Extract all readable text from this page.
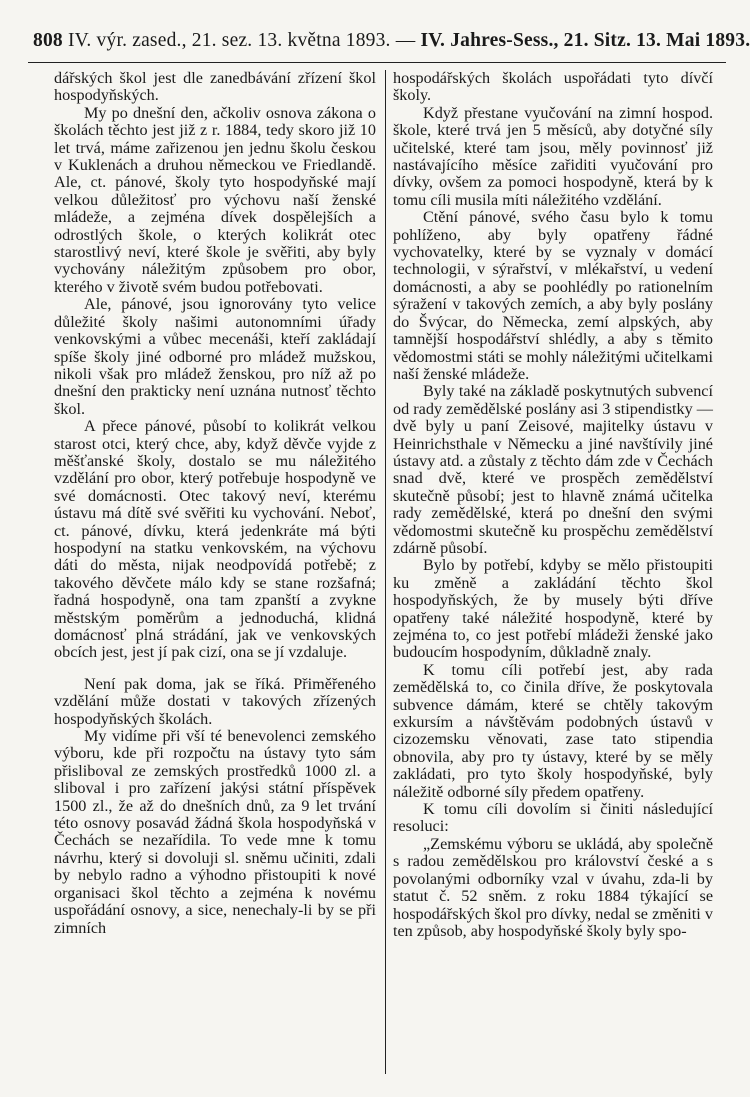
808 IV. výr. zased., 21. sez. 13. května 1893. — IV. Jahres-Sess., 21. Sitz. 13. Mai 1893.

dářských škol jest dle zanedbávání zřízení škol hospodyňských.

My po dnešní den, ačkoliv osnova zákona o školách těchto jest již z r. 1884, tedy skoro již 10 let trvá, máme zařizenou jen jednu školu českou v Kuklenách a druhou německou ve Friedlandě. Ale, ct. pánové, školy tyto hospodyňské mají velkou důležitosť pro výchovu naší ženské mládeže, a zejména dívek dospělejších a odrostlých škole, o kterých kolikrát otec starostlivý neví, které škole je svěřiti, aby byly vychovány náležitým způsobem pro obor, kterého v životě svém budou potřebovati.

Ale, pánové, jsou ignorovány tyto velice důležité školy našimi autonomními úřady venkovskými a vůbec mecenáši, kteří zakládají spíše školy jiné odborné pro mládež mužskou, nikoli však pro mládež ženskou, pro níž až po dnešní den prakticky není uznána nutnosť těchto škol.

A přece pánové, působí to kolikrát velkou starost otci, který chce, aby, když děvče vyjde z měšťanské školy, dostalo se mu náležitého vzdělání pro obor, který potřebuje hospodyně ve své domácnosti. Otec takový neví, kterému ústavu má dítě své svěřiti ku vychování. Neboť, ct. pánové, dívku, která jedenkráte má býti hospodyní na statku venkovském, na výchovu dáti do města, nijak neodpovídá potřebě; z takového děvčete málo kdy se stane rozšafná; řadná hospodyně, ona tam zpanští a zvykne městským poměrům a jednoduchá, klidná domácnosť plná strádání, jak ve venkovských obcích jest, jest jí pak cizí, ona se jí vzdaluje.

Není pak doma, jak se říká. Přiměřeného vzdělání může dostati v takových zřízených hospodyňských školách.

My vidíme při vší té benevolenci zemského výboru, kde při rozpočtu na ústavy tyto sám přisliboval ze zemských prostředků 1000 zl. a sliboval i pro zařízení jakýsi státní příspěvek 1500 zl., že až do dnešních dnů, za 9 let trvání této osnovy posavád žádná škola hospodyňská v Čechách se nezařídila. To vede mne k tomu návrhu, který si dovoluji sl. sněmu učiniti, zdali by nebylo radno a výhodno přistoupiti k nové organisaci škol těchto a zejména k novému uspořádání osnovy, a sice, nenechaly-li by se při zimních

hospodářských školách uspořádati tyto dívčí školy.

Když přestane vyučování na zimní hospod. škole, které trvá jen 5 měsíců, aby dotyčné síly učitelské, které tam jsou, měly povinnosť již nastávajícího měsíce zařiditi vyučování pro dívky, ovšem za pomoci hospodyně, která by k tomu cíli musila míti náležitého vzdělání.

Ctění pánové, svého času bylo k tomu pohlíženo, aby byly opatřeny řádné vychovatelky, které by se vyznaly v domácí technologii, v sýrařství, v mlékařství, u vedení domácnosti, a aby se poohlédly po rationelním sýražení v takových zemích, a aby byly poslány do Švýcar, do Německa, zemí alpských, aby tamnější hospodářství shlédly, a aby s těmito vědomostmi státi se mohly náležitými učitelkami naší ženské mládeže.

Byly také na základě poskytnutých subvencí od rady zemědělské poslány asi 3 stipendistky — dvě byly u paní Zeisové, majitelky ústavu v Heinrichsthale v Německu a jiné navštívily jiné ústavy atd. a zůstaly z těchto dám zde v Čechách snad dvě, které ve prospěch zemědělství skutečně působí; jest to hlavně známá učitelka rady zemědělské, která po dnešní den svými vědomostmi skutečně ku prospěchu zemědělství zdárně působí.

Bylo by potřebí, kdyby se mělo přistoupiti ku změně a zakládání těchto škol hospodyňských, že by musely býti dříve opatřeny také náležité hospodyně, které by zejména to, co jest potřebí mládeži ženské jako budoucím hospodyním, důkladně znaly.

K tomu cíli potřebí jest, aby rada zemědělská to, co činila dříve, že poskytovala subvence dámám, které se chtěly takovým exkursím a návštěvám podobných ústavů v cizozemsku věnovati, zase tato stipendia obnovila, aby pro ty ústavy, které by se měly zakládati, pro tyto školy hospodyňské, byly náležitě odborné síly předem opatřeny.

K tomu cíli dovolím si činiti následující resoluci:

„Zemskému výboru se ukládá, aby společně s radou zemědělskou pro království české a s povolanými odborníky vzal v úvahu, zda-li by statut č. 52 sněm. z roku 1884 týkající se hospodářských škol pro dívky, nedal se změniti v ten způsob, aby hospodyňské školy byly spo-
